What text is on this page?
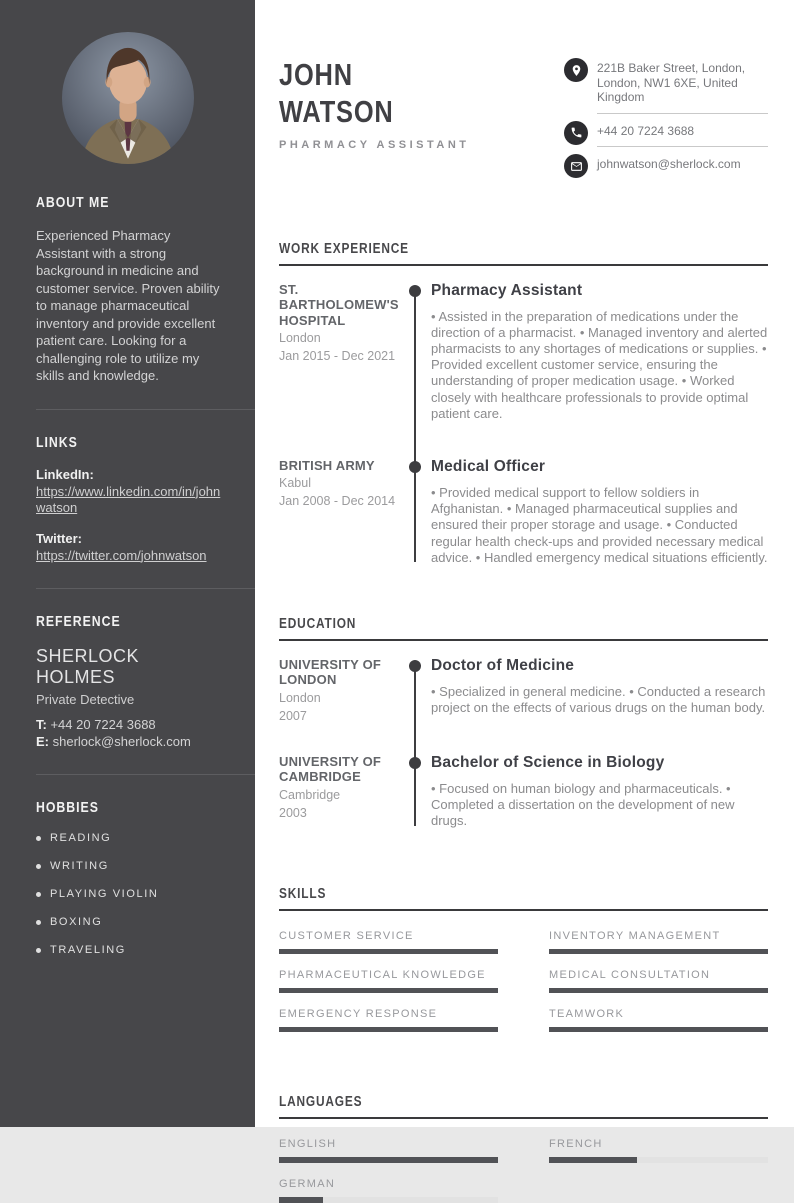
ABOUT ME

Experienced Pharmacy Assistant with a strong background in medicine and customer service. Proven ability to manage pharmaceutical inventory and provide excellent patient care. Looking for a challenging role to utilize my skills and knowledge.

LINKS
LinkedIn:
https://www.linkedin.com/in/johnwatson
Twitter:
https://twitter.com/johnwatson
REFERENCE
SHERLOCK HOLMES
Private Detective
T: +44 20 7224 3688
E: sherlock@sherlock.com
HOBBIES
READING
WRITING
PLAYING VIOLIN
BOXING
TRAVELING
JOHN
WATSON
PHARMACY ASSISTANT
221B Baker Street, London, London, NW1 6XE, United Kingdom
+44 20 7224 3688
johnwatson@sherlock.com
WORK EXPERIENCE
ST. BARTHOLOMEW'S HOSPITAL
London
Jan 2015 - Dec 2021
Pharmacy Assistant
• Assisted in the preparation of medications under the direction of a pharmacist. • Managed inventory and alerted pharmacists to any shortages of medications or supplies. • Provided excellent customer service, ensuring the understanding of proper medication usage. • Worked closely with healthcare professionals to provide optimal patient care.
BRITISH ARMY
Kabul
Jan 2008 - Dec 2014
Medical Officer
• Provided medical support to fellow soldiers in Afghanistan. • Managed pharmaceutical supplies and ensured their proper storage and usage. • Conducted regular health check-ups and provided necessary medical advice. • Handled emergency medical situations efficiently.
EDUCATION
UNIVERSITY OF LONDON
London
2007
Doctor of Medicine
• Specialized in general medicine. • Conducted a research project on the effects of various drugs on the human body.
UNIVERSITY OF CAMBRIDGE
Cambridge
2003
Bachelor of Science in Biology
• Focused on human biology and pharmaceuticals. • Completed a dissertation on the development of new drugs.
SKILLS
CUSTOMER SERVICE	INVENTORY MANAGEMENT
PHARMACEUTICAL KNOWLEDGE	MEDICAL CONSULTATION
EMERGENCY RESPONSE	TEAMWORK
LANGUAGES
ENGLISH	FRENCH
GERMAN
